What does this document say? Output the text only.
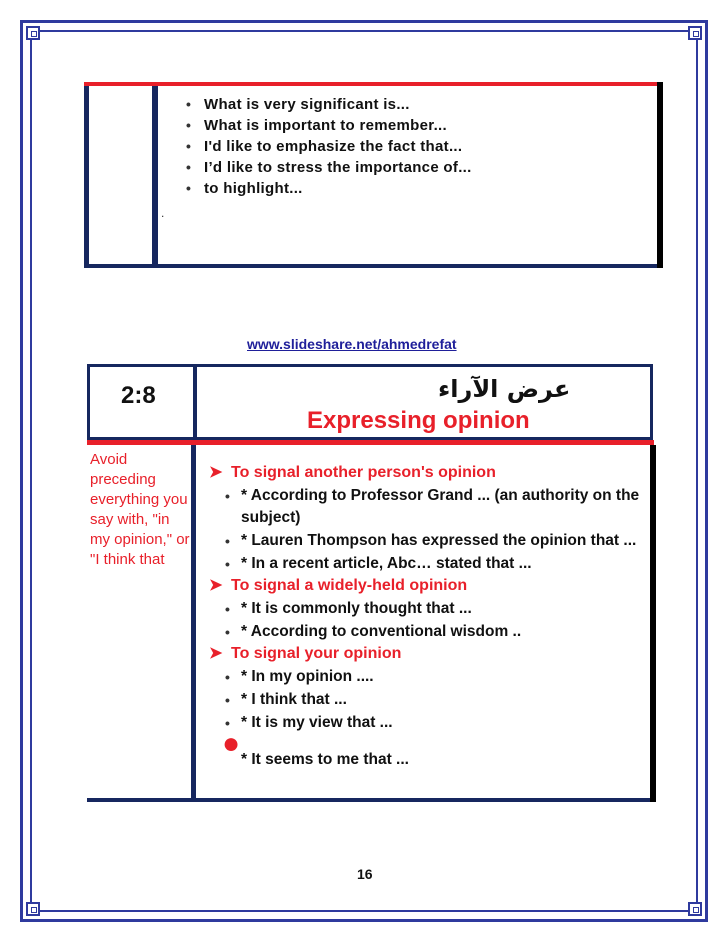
• What is very significant is...
• What is important to remember...
• I'd like to emphasize the fact that...
• I’d like to stress the importance of...
• to highlight...
.
www.slideshare.net/ahmedrefat
2:8	عرض الآراء
Expressing opinion
Avoid preceding everything you say with, "in my opinion," or "I think that
➤ To signal another person's opinion
• * According to Professor Grand ... (an authority on the subject)
• * Lauren Thompson has expressed the opinion that ...
• * In a recent article, Abc… stated that ...
➤ To signal a widely-held opinion
• * It is commonly thought that ...
• * According to conventional wisdom ..
➤ To signal your opinion
• * In my opinion ....
• * I think that ...
• * It is my view that ...
● * It seems to me that ...
16
